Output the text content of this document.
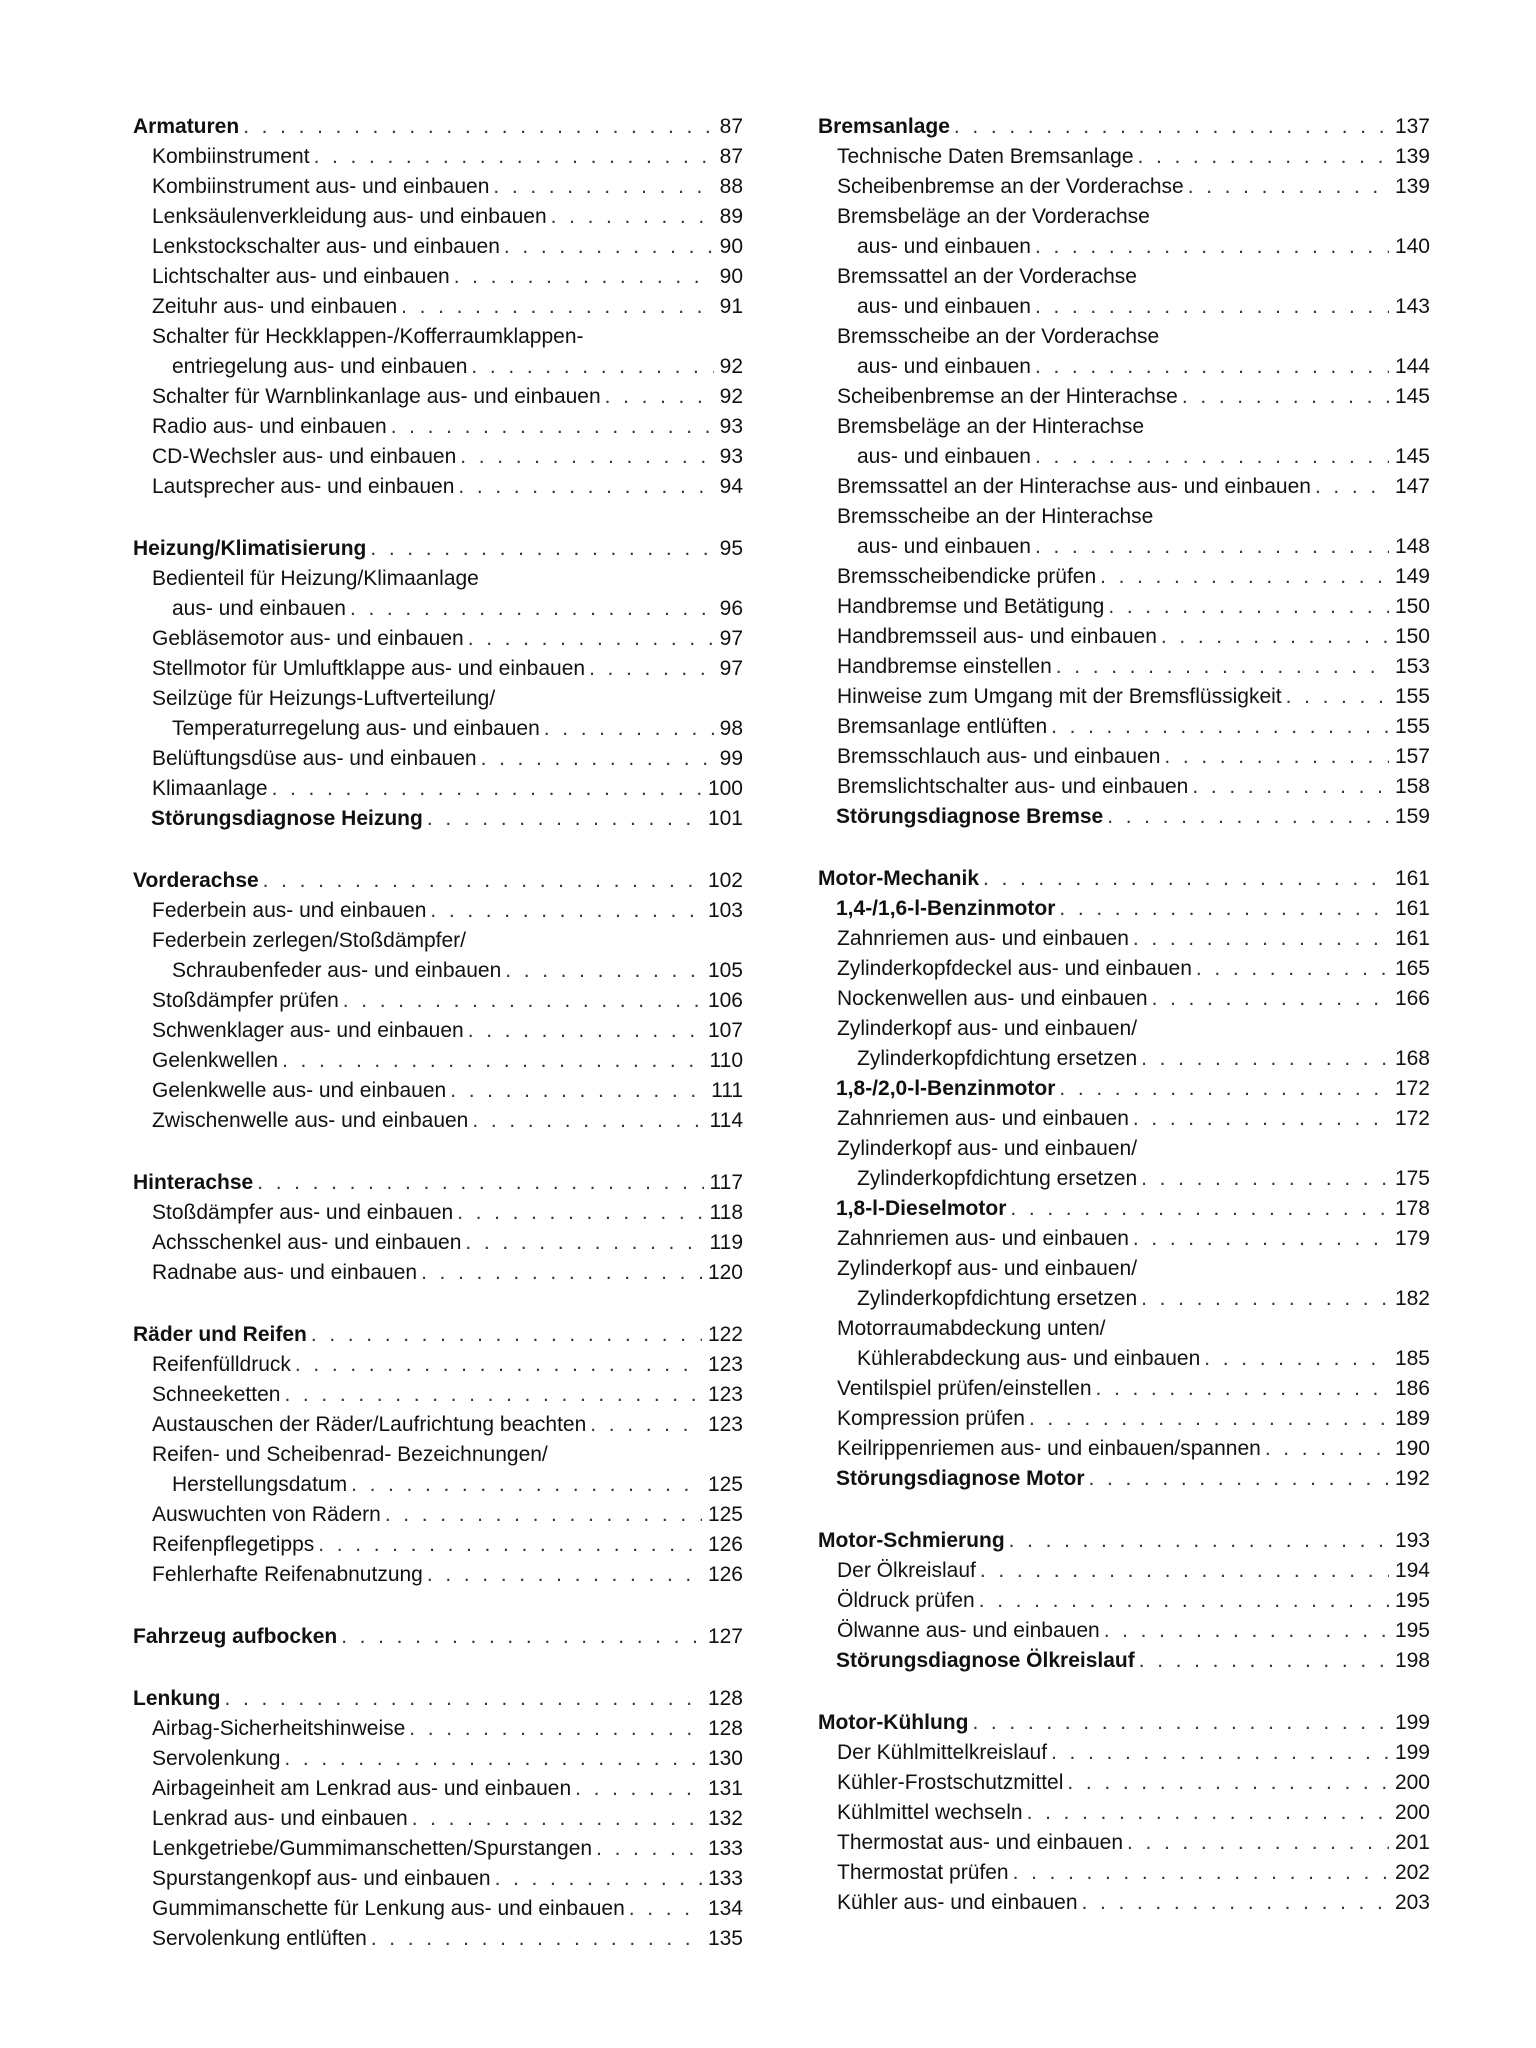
Armaturen . . .	87
Kombiinstrument . . .	87
Kombiinstrument aus- und einbauen . . .	88
Lenksäulenverkleidung aus- und einbauen . . .	89
Lenkstockschalter aus- und einbauen . . .	90
Lichtschalter aus- und einbauen . . .	90
Zeituhr aus- und einbauen . . .	91
Schalter für Heckklappen-/Kofferraumklappen-
entriegelung aus- und einbauen . . .	92
Schalter für Warnblinkanlage aus- und einbauen . . .	92
Radio aus- und einbauen . . .	93
CD-Wechsler aus- und einbauen . . .	93
Lautsprecher aus- und einbauen . . .	94
Heizung/Klimatisierung . . .	95
Bedienteil für Heizung/Klimaanlage
aus- und einbauen . . .	96
Gebläsemotor aus- und einbauen . . .	97
Stellmotor für Umluftklappe aus- und einbauen . . .	97
Seilzüge für Heizungs-Luftverteilung/
Temperaturregelung aus- und einbauen . . .	98
Belüftungsdüse aus- und einbauen . . .	99
Klimaanlage . . .	100
Störungsdiagnose Heizung . . .	101
Vorderachse . . .	102
Federbein aus- und einbauen . . .	103
Federbein zerlegen/Stoßdämpfer/
Schraubenfeder aus- und einbauen . . .	105
Stoßdämpfer prüfen . . .	106
Schwenklager aus- und einbauen . . .	107
Gelenkwellen . . .	110
Gelenkwelle aus- und einbauen . . .	111
Zwischenwelle aus- und einbauen . . .	114
Hinterachse . . .	117
Stoßdämpfer aus- und einbauen . . .	118
Achsschenkel aus- und einbauen . . .	119
Radnabe aus- und einbauen . . .	120
Räder und Reifen . . .	122
Reifenfülldruck . . .	123
Schneeketten . . .	123
Austauschen der Räder/Laufrichtung beachten . . .	123
Reifen- und Scheibenrad- Bezeichnungen/
Herstellungsdatum . . .	125
Auswuchten von Rädern . . .	125
Reifenpflegetipps . . .	126
Fehlerhafte Reifenabnutzung . . .	126
Fahrzeug aufbocken . . .	127
Lenkung . . .	128
Airbag-Sicherheitshinweise . . .	128
Servolenkung . . .	130
Airbageinheit am Lenkrad aus- und einbauen . . .	131
Lenkrad aus- und einbauen . . .	132
Lenkgetriebe/Gummimanschetten/Spurstangen . . .	133
Spurstangenkopf aus- und einbauen . . .	133
Gummimanschette für Lenkung aus- und einbauen . . .	134
Servolenkung entlüften . . .	135
Bremsanlage . . .	137
Technische Daten Bremsanlage . . .	139
Scheibenbremse an der Vorderachse . . .	139
Bremsbeläge an der Vorderachse
aus- und einbauen . . .	140
Bremssattel an der Vorderachse
aus- und einbauen . . .	143
Bremsscheibe an der Vorderachse
aus- und einbauen . . .	144
Scheibenbremse an der Hinterachse . . .	145
Bremsbeläge an der Hinterachse
aus- und einbauen . . .	145
Bremssattel an der Hinterachse aus- und einbauen . . .	147
Bremsscheibe an der Hinterachse
aus- und einbauen . . .	148
Bremsscheibendicke prüfen . . .	149
Handbremse und Betätigung . . .	150
Handbremsseil aus- und einbauen . . .	150
Handbremse einstellen . . .	153
Hinweise zum Umgang mit der Bremsflüssigkeit . . .	155
Bremsanlage entlüften . . .	155
Bremsschlauch aus- und einbauen . . .	157
Bremslichtschalter aus- und einbauen . . .	158
Störungsdiagnose Bremse . . .	159
Motor-Mechanik . . .	161
1,4-/1,6-l-Benzinmotor . . .	161
Zahnriemen aus- und einbauen . . .	161
Zylinderkopfdeckel aus- und einbauen . . .	165
Nockenwellen aus- und einbauen . . .	166
Zylinderkopf aus- und einbauen/
Zylinderkopfdichtung ersetzen . . .	168
1,8-/2,0-l-Benzinmotor . . .	172
Zahnriemen aus- und einbauen . . .	172
Zylinderkopf aus- und einbauen/
Zylinderkopfdichtung ersetzen . . .	175
1,8-l-Dieselmotor . . .	178
Zahnriemen aus- und einbauen . . .	179
Zylinderkopf aus- und einbauen/
Zylinderkopfdichtung ersetzen . . .	182
Motorraumabdeckung unten/
Kühlerabdeckung aus- und einbauen . . .	185
Ventilspiel prüfen/einstellen . . .	186
Kompression prüfen . . .	189
Keilrippenriemen aus- und einbauen/spannen . . .	190
Störungsdiagnose Motor . . .	192
Motor-Schmierung . . .	193
Der Ölkreislauf . . .	194
Öldruck prüfen . . .	195
Ölwanne aus- und einbauen . . .	195
Störungsdiagnose Ölkreislauf . . .	198
Motor-Kühlung . . .	199
Der Kühlmittelkreislauf . . .	199
Kühler-Frostschutzmittel . . .	200
Kühlmittel wechseln . . .	200
Thermostat aus- und einbauen . . .	201
Thermostat prüfen . . .	202
Kühler aus- und einbauen . . .	203
